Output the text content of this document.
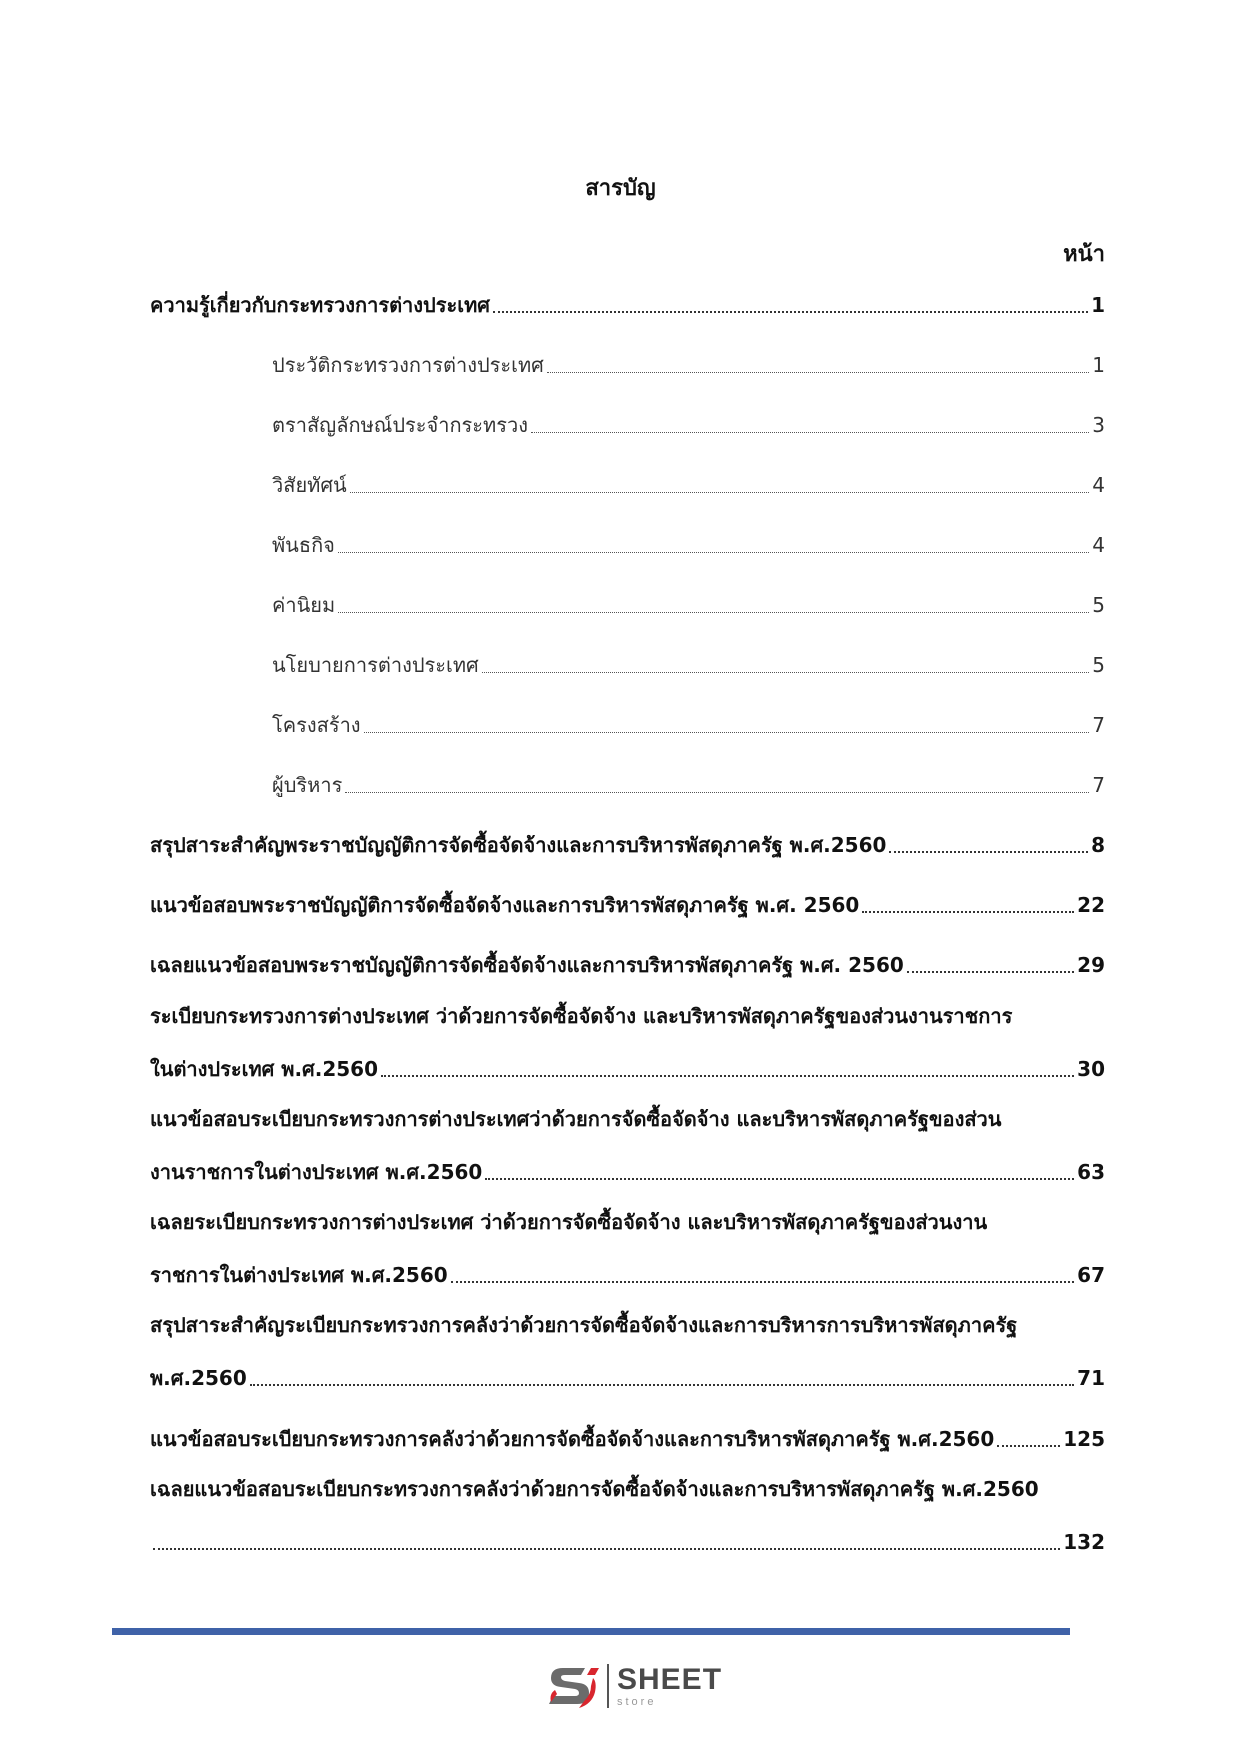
สารบัญ
หน้า
ความรู้เกี่ยวกับกระทรวงการต่างประเทศ	1
ประวัติกระทรวงการต่างประเทศ	1
ตราสัญลักษณ์ประจำกระทรวง	3
วิสัยทัศน์	4
พันธกิจ	4
ค่านิยม	5
นโยบายการต่างประเทศ	5
โครงสร้าง	7
ผู้บริหาร	7
สรุปสาระสำคัญพระราชบัญญัติการจัดซื้อจัดจ้างและการบริหารพัสดุภาครัฐ พ.ศ.2560	8
แนวข้อสอบพระราชบัญญัติการจัดซื้อจัดจ้างและการบริหารพัสดุภาครัฐ พ.ศ. 2560	22
เฉลยแนวข้อสอบพระราชบัญญัติการจัดซื้อจัดจ้างและการบริหารพัสดุภาครัฐ พ.ศ. 2560	29
ระเบียบกระทรวงการต่างประเทศ ว่าด้วยการจัดซื้อจัดจ้าง และบริหารพัสดุภาครัฐของส่วนงานราชการ
ในต่างประเทศ พ.ศ.2560	30
แนวข้อสอบระเบียบกระทรวงการต่างประเทศว่าด้วยการจัดซื้อจัดจ้าง และบริหารพัสดุภาครัฐของส่วน
งานราชการในต่างประเทศ พ.ศ.2560	63
เฉลยระเบียบกระทรวงการต่างประเทศ ว่าด้วยการจัดซื้อจัดจ้าง และบริหารพัสดุภาครัฐของส่วนงาน
ราชการในต่างประเทศ พ.ศ.2560	67
สรุปสาระสำคัญระเบียบกระทรวงการคลังว่าด้วยการจัดซื้อจัดจ้างและการบริหารการบริหารพัสดุภาครัฐ
พ.ศ.2560	71
แนวข้อสอบระเบียบกระทรวงการคลังว่าด้วยการจัดซื้อจัดจ้างและการบริหารพัสดุภาครัฐ พ.ศ.2560	125
เฉลยแนวข้อสอบระเบียบกระทรวงการคลังว่าด้วยการจัดซื้อจัดจ้างและการบริหารพัสดุภาครัฐ พ.ศ.2560
132
SHEET
store
